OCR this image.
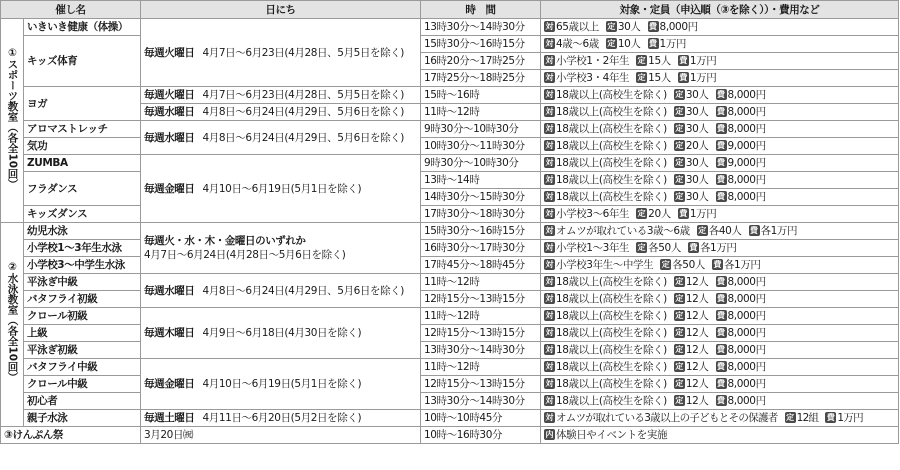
催し名		日にち	時　間	対象・定員（申込順（③を除く））・費用など
①スポーツ教室（各全10回）	いきいき健康（体操）	毎週火曜日 4月7日～6月23日(4月28日、5月5日を除く)	13時30分～14時30分	対 65歳以上 定 30人 費 8,000円
	キッズ体育		15時30分～16時15分	対 4歳～6歳 定 10人 費 1万円
			16時20分～17時25分	対 小学校1・2年生 定 15人 費 1万円
			17時25分～18時25分	対 小学校3・4年生 定 15人 費 1万円
	ヨガ	毎週火曜日 4月7日～6月23日(4月28日、5月5日を除く)	15時～16時	対 18歳以上(高校生を除く) 定 30人 費 8,000円
		毎週水曜日 4月8日～6月24日(4月29日、5月6日を除く)	11時～12時	対 18歳以上(高校生を除く) 定 30人 費 8,000円
	アロマストレッチ	毎週水曜日 4月8日～6月24日(4月29日、5月6日を除く)	9時30分～10時30分	対 18歳以上(高校生を除く) 定 30人 費 8,000円
	気功		10時30分～11時30分	対 18歳以上(高校生を除く) 定 20人 費 9,000円
	ZUMBA	毎週金曜日 4月10日～6月19日(5月1日を除く)	9時30分～10時30分	対 18歳以上(高校生を除く) 定 30人 費 9,000円
	フラダンス		13時～14時	対 18歳以上(高校生を除く) 定 30人 費 8,000円
			14時30分～15時30分	対 18歳以上(高校生を除く) 定 30人 費 8,000円
	キッズダンス		17時30分～18時30分	対 小学校3～6年生 定 20人 費 1万円
②水泳教室（各全10回）	幼児水泳	毎週火・水・木・金曜日のいずれか
4月7日～6月24日(4月28日～5月6日を除く)	15時30分～16時15分	対 オムツが取れている3歳～6歳 定 各40人 費 各1万円
	小学校1～3年生水泳		16時30分～17時30分	対 小学校1～3年生 定 各50人 費 各1万円
	小学校3～中学生水泳		17時45分～18時45分	対 小学校3年生～中学生 定 各50人 費 各1万円
	平泳ぎ中級	毎週水曜日 4月8日～6月24日(4月29日、5月6日を除く)	11時～12時	対 18歳以上(高校生を除く) 定 12人 費 8,000円
	バタフライ初級		12時15分～13時15分	対 18歳以上(高校生を除く) 定 12人 費 8,000円
	クロール初級	毎週木曜日 4月9日～6月18日(4月30日を除く)	11時～12時	対 18歳以上(高校生を除く) 定 12人 費 8,000円
	上級		12時15分～13時15分	対 18歳以上(高校生を除く) 定 12人 費 8,000円
	平泳ぎ初級		13時30分～14時30分	対 18歳以上(高校生を除く) 定 12人 費 8,000円
	バタフライ中級	毎週金曜日 4月10日～6月19日(5月1日を除く)	11時～12時	対 18歳以上(高校生を除く) 定 12人 費 8,000円
	クロール中級		12時15分～13時15分	対 18歳以上(高校生を除く) 定 12人 費 8,000円
	初心者		13時30分～14時30分	対 18歳以上(高校生を除く) 定 12人 費 8,000円
	親子水泳	毎週土曜日 4月11日～6月20日(5月2日を除く)	10時～10時45分	対 オムツが取れている3歳以上の子どもとその保護者 定 12組 費 1万円
③けんぷん祭		3月20日㈷	10時～16時30分	内 体験日やイベントを実施
